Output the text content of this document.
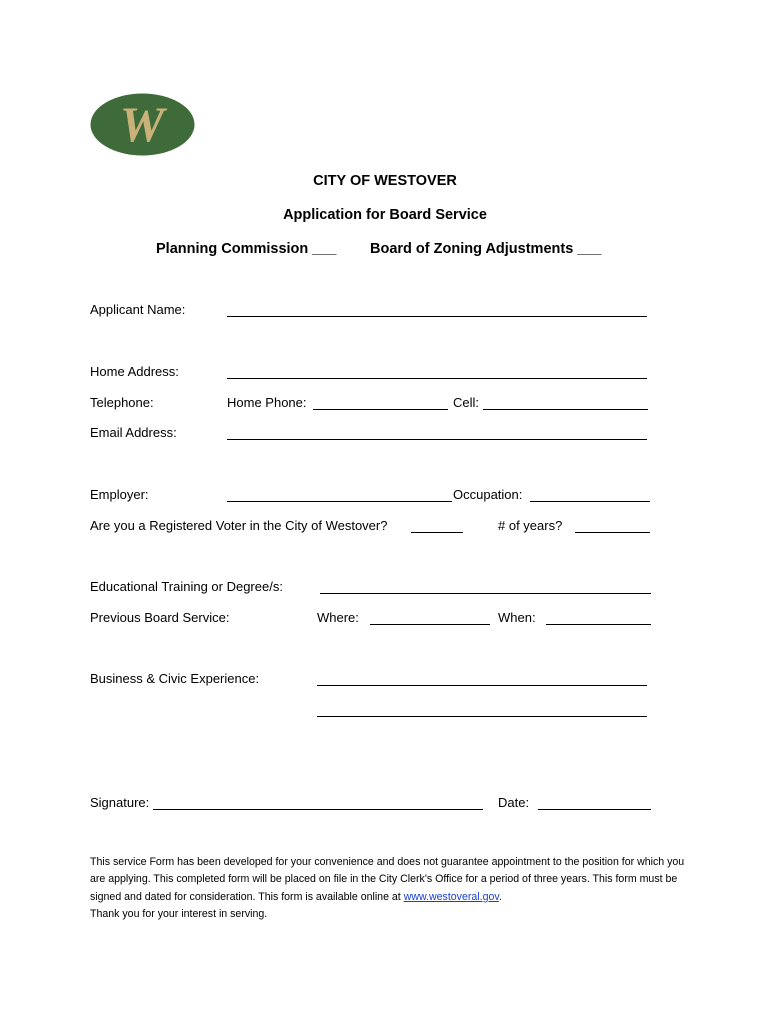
W
CITY OF WESTOVER
Application for Board Service
Planning Commission ___ Board of Zoning Adjustments ___
Applicant Name:
Home Address:
Telephone:	Home Phone:	Cell:
Email Address:
Employer:	Occupation:
Are you a Registered Voter in the City of Westover?	# of years?
Educational Training or Degree/s:
Previous Board Service:	Where:	When:
Business & Civic Experience:
Signature:	Date:
This service Form has been developed for your convenience and does not guarantee appointment to the position for which you are applying. This completed form will be placed on file in the City Clerk's Office for a period of three years. This form must be signed and dated for consideration. This form is available online at www.westoveral.gov.
Thank you for your interest in serving.
